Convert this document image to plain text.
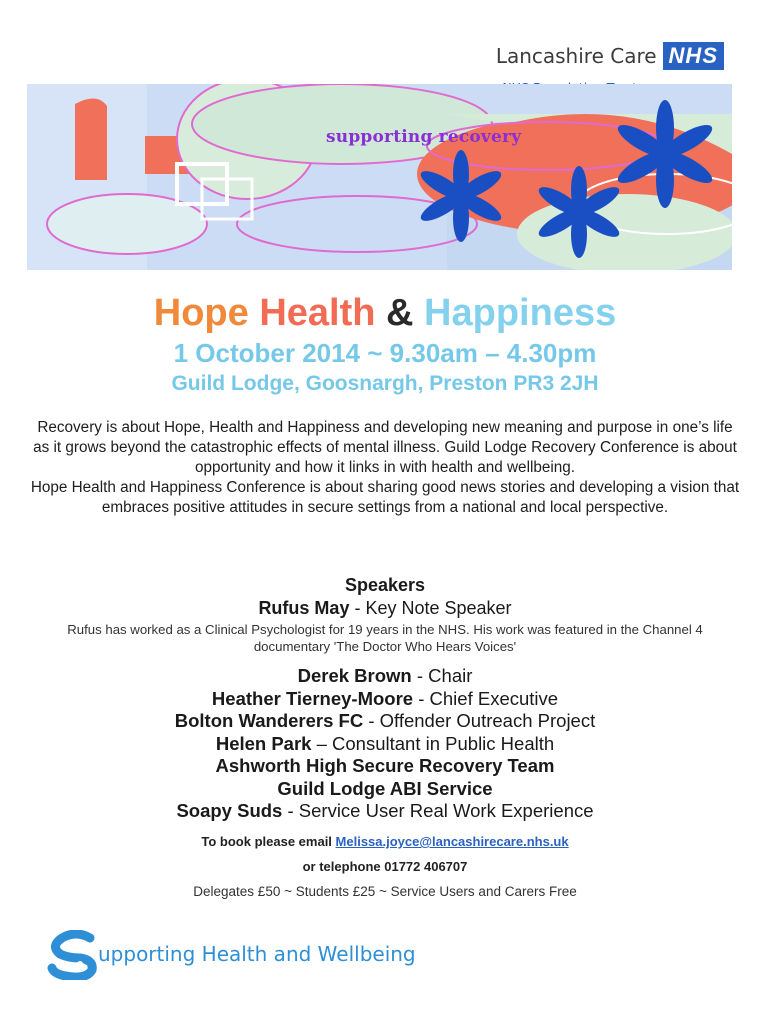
Lancashire Care NHS
supporting recovery
Hope Health & Happiness
1 October 2014 ~ 9.30am – 4.30pm
Guild Lodge, Goosnargh, Preston PR3 2JH

Recovery is about Hope, Health and Happiness and developing new meaning and purpose in one’s life as it grows beyond the catastrophic effects of mental illness. Guild Lodge Recovery Conference is about opportunity and how it links in with health and wellbeing.

Hope Health and Happiness Conference is about sharing good news stories and developing a vision that embraces positive attitudes in secure settings from a national and local perspective.

Speakers
Rufus May - Key Note Speaker
Rufus has worked as a Clinical Psychologist for 19 years in the NHS. His work was featured in the Channel 4 documentary 'The Doctor Who Hears Voices'
Derek Brown - Chair
Heather Tierney-Moore - Chief Executive
Bolton Wanderers FC - Offender Outreach Project
Helen Park – Consultant in Public Health
Ashworth High Secure Recovery Team
Guild Lodge ABI Service
Soapy Suds - Service User Real Work Experience
To book please email Melissa.joyce@lancashirecare.nhs.uk
or telephone 01772 406707
Delegates £50 ~ Students £25 ~ Service Users and Carers Free
upporting Health and Wellbeing
